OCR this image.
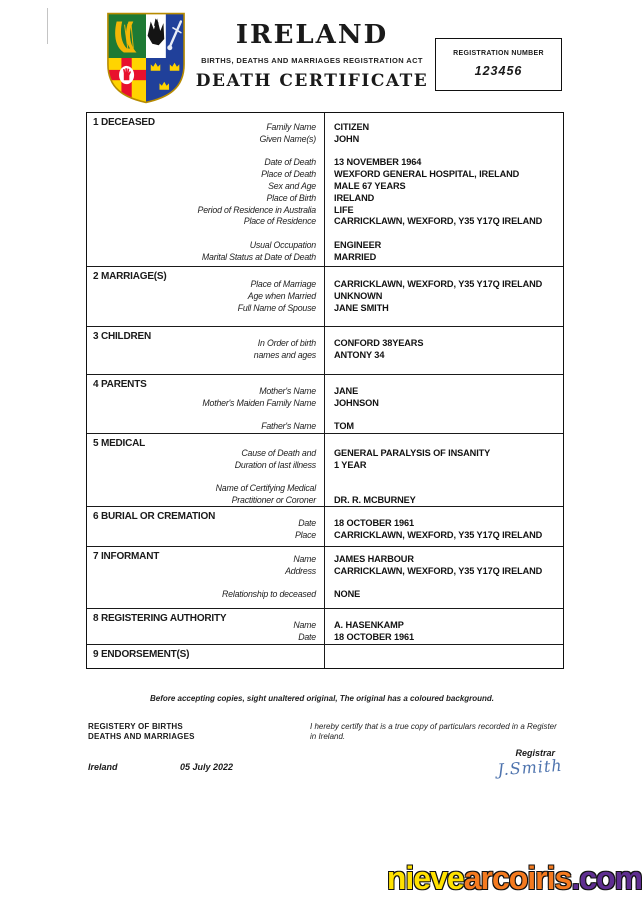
IRELAND
BIRTHS, DEATHS AND MARRIAGES REGISTRATION ACT
DEATH CERTIFICATE
REGISTRATION NUMBER
123456
1 DECEASED	Family Name	CITIZEN
Given Name(s)	JOHN
Date of Death	13 NOVEMBER 1964
Place of Death	WEXFORD GENERAL HOSPITAL, IRELAND
Sex and Age	MALE 67 YEARS
Place of Birth	IRELAND
Period of Residence in Australia	LIFE
Place of Residence	CARRICKLAWN, WEXFORD, Y35 Y17Q IRELAND
Usual Occupation	ENGINEER
Marital Status at Date of Death	MARRIED
2 MARRIAGE(S)
Place of Marriage	CARRICKLAWN, WEXFORD, Y35 Y17Q IRELAND
Age when Married	UNKNOWN
Full Name of Spouse	JANE SMITH
3 CHILDREN
In Order of birth	CONFORD 38YEARS
names and ages	ANTONY 34
4 PARENTS
Mother's Name	JANE
Mother's Maiden Family Name	JOHNSON
Father's Name	TOM
5 MEDICAL
Cause of Death and	GENERAL PARALYSIS OF INSANITY
Duration of last illness	1 YEAR
Name of Certifying Medical
Practitioner or Coroner	DR. R. MCBURNEY
6 BURIAL OR CREMATION
Date	18 OCTOBER 1961
Place	CARRICKLAWN, WEXFORD, Y35 Y17Q IRELAND
7 INFORMANT	Name	JAMES HARBOUR
Address	CARRICKLAWN, WEXFORD, Y35 Y17Q IRELAND
Relationship to deceased	NONE
8 REGISTERING AUTHORITY
Name	A. HASENKAMP
Date	18 OCTOBER 1961
9 ENDORSEMENT(S)
Before accepting copies, sight unaltered original, The original has a coloured background.
REGISTERY OF BIRTHS
DEATHS AND MARRIAGES
I hereby certify that is a true copy of particulars recorded in a Register in Ireland.
Registrar
J.Smith
Ireland	05 July 2022
nievearcoiris.com
